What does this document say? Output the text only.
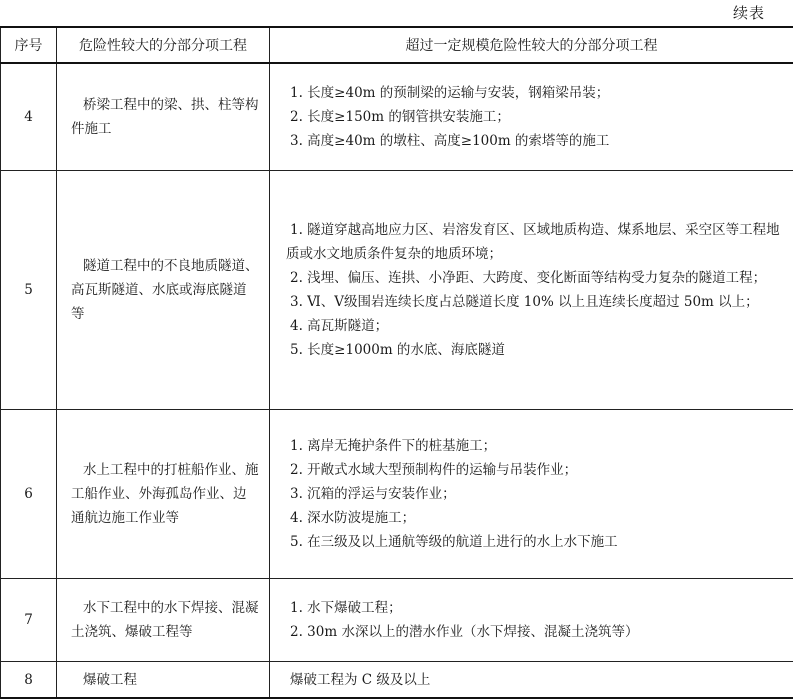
续表
序号	危险性较大的分部分项工程	超过一定规模危险性较大的分部分项工程
4	桥梁工程中的梁、拱、柱等构件施工	1. 长度≥40m 的预制梁的运输与安装，钢箱梁吊装；
2. 长度≥150m 的钢管拱安装施工；
3. 高度≥40m 的墩柱、高度≥100m 的索塔等的施工

5	隧道工程中的不良地质隧道、高瓦斯隧道、水底或海底隧道等	1. 隧道穿越高地应力区、岩溶发育区、区域地质构造、煤系地层、采空区等工程地质或水文地质条件复杂的地质环境；
2. 浅埋、偏压、连拱、小净距、大跨度、变化断面等结构受力复杂的隧道工程；
3. Ⅵ、Ⅴ级围岩连续长度占总隧道长度 10% 以上且连续长度超过 50m 以上；
4. 高瓦斯隧道；
5. 长度≥1000m 的水底、海底隧道

6	水上工程中的打桩船作业、施工船作业、外海孤岛作业、边通航边施工作业等	1. 离岸无掩护条件下的桩基施工；
2. 开敞式水域大型预制构件的运输与吊装作业；
3. 沉箱的浮运与安装作业；
4. 深水防波堤施工；
5. 在三级及以上通航等级的航道上进行的水上水下施工

7	水下工程中的水下焊接、混凝土浇筑、爆破工程等	1. 水下爆破工程；
2. 30m 水深以上的潜水作业（水下焊接、混凝土浇筑等）

8	爆破工程	爆破工程为 C 级及以上
